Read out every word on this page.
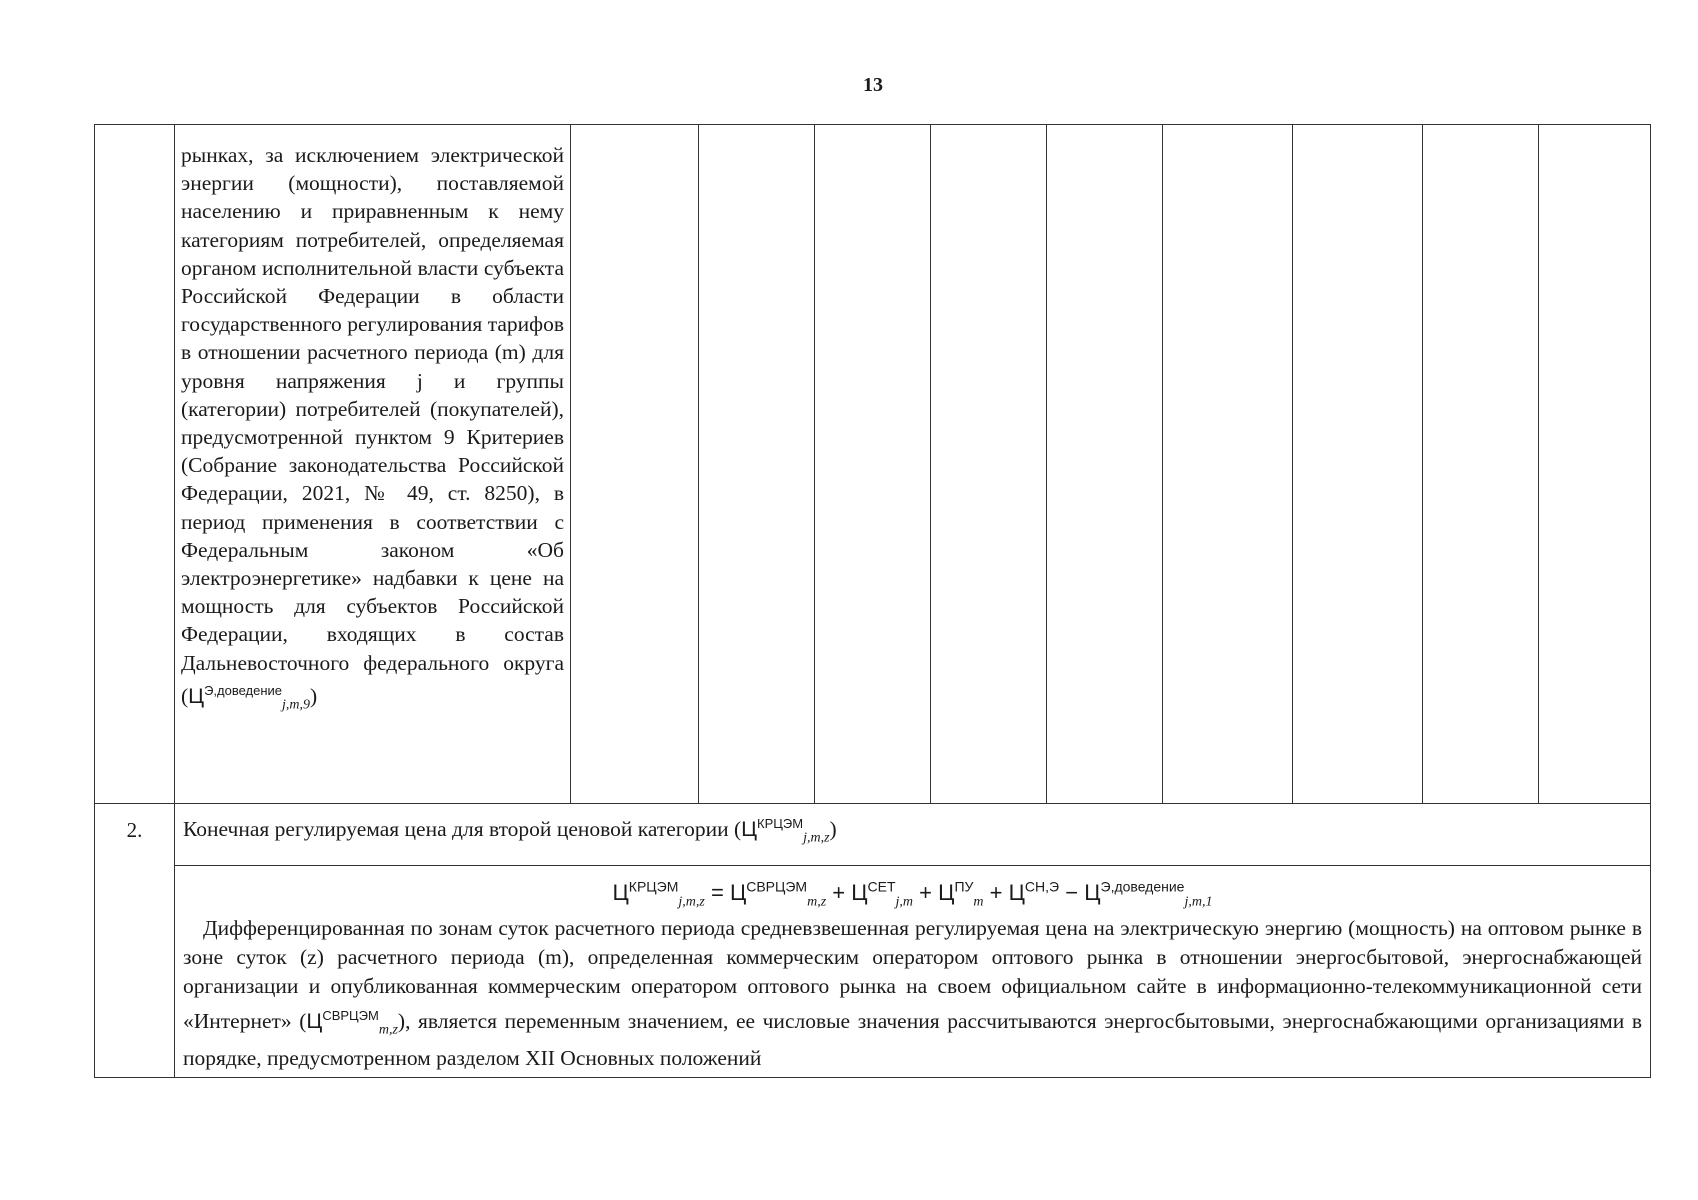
13
	рынках, за исключением электрической энергии (мощности), поставляемой населению и приравненным к нему категориям потребителей, определяемая органом исполнительной власти субъекта Российской Федерации в области государственного регулирования тарифов в отношении расчетного периода (m) для уровня напряжения j и группы (категории) потребителей (покупателей), предусмотренной пунктом 9 Критериев (Собрание законодательства Российской Федерации, 2021, № 49, ст. 8250), в период применения в соответствии с Федеральным законом «Об электроэнергетике» надбавки к цене на мощность для субъектов Российской Федерации, входящих в состав Дальневосточного федерального округа $(Ц^{Э,доведение}_{j,m,9})$									

2.	Конечная регулируемая цена для второй ценовой категории $(Ц^{КРЦЭМ}_{j,m,z})$									

	$Ц^{КРЦЭМ}_{j,m,z} = Ц^{СВРЦЭМ}_{m,z} + Ц^{СЕТ}_{j,m} + Ц^{ПУ}_m + Ц^{СН,Э} - Ц^{Э,доведение}_{j,m,1}$

Дифференцированная по зонам суток расчетного периода средневзвешенная регулируемая цена на электрическую энергию (мощность) на оптовом рынке в зоне суток (z) расчетного периода (m), определенная коммерческим оператором оптового рынка в отношении энергосбытовой, энергоснабжающей организации и опубликованная коммерческим оператором оптового рынка на своем официальном сайте в информационно-телекоммуникационной сети «Интернет» $(Ц^{СВРЦЭМ}_{m,z})$, является переменным значением, ее числовые значения рассчитываются энергосбытовыми, энергоснабжающими организациями в порядке, предусмотренном разделом XII Основных положений									
